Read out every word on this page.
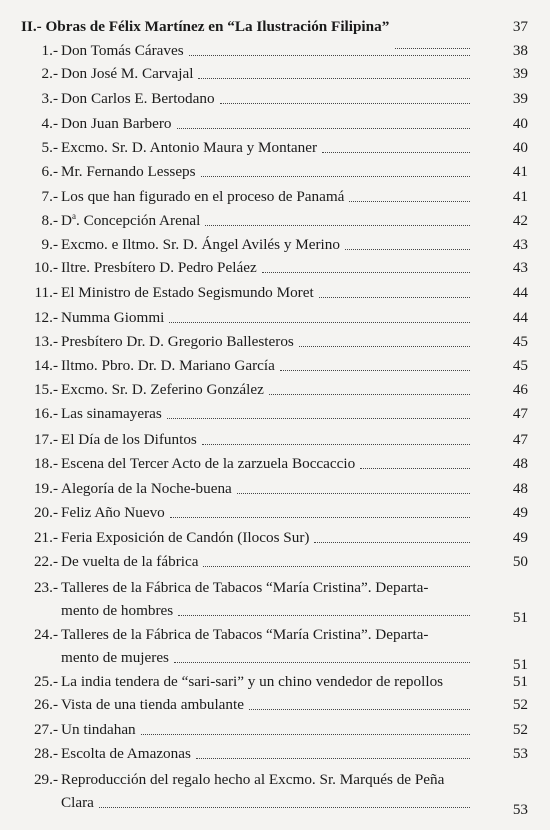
II.- Obras de Félix Martínez en “La Ilustración Filipina”	37
1.- Don Tomás Cáraves	38
2.- Don José M. Carvajal	39
3.- Don Carlos E. Bertodano	39
4.- Don Juan Barbero	40
5.- Excmo. Sr. D. Antonio Maura y Montaner	40
6.- Mr. Fernando Lesseps	41
7.- Los que han figurado en el proceso de Panamá	41
8.- $D^a$. Concepción Arenal	42
9.- Excmo. e Iltmo. Sr. D. Ángel Avilés y Merino	43
10.- Iltre. Presbítero D. Pedro Peláez	43
11.- El Ministro de Estado Segismundo Moret	44
12.- Numma Giommi	44
13.- Presbítero Dr. D. Gregorio Ballesteros	45
14.- Iltmo. Pbro. Dr. D. Mariano García	45
15.- Excmo. Sr. D. Zeferino González	46
16.- Las sinamayeras	47
17.- El Día de los Difuntos	47
18.- Escena del Tercer Acto de la zarzuela Boccaccio	48
19.- Alegoría de la Noche-buena	48
20.- Feliz Año Nuevo	49
21.- Feria Exposición de Candón (Ilocos Sur)	49
22.- De vuelta de la fábrica	50
23.- Talleres de la Fábrica de Tabacos “María Cristina”. Departa-
mento de hombres	51
24.- Talleres de la Fábrica de Tabacos “María Cristina”. Departa-
mento de mujeres	51
25.- La india tendera de “sari-sari” y un chino vendedor de repollos	51
26.- Vista de una tienda ambulante	52
27.- Un tindahan	52
28.- Escolta de Amazonas	53
29.- Reproducción del regalo hecho al Excmo. Sr. Marqués de Peña
Clara	53
